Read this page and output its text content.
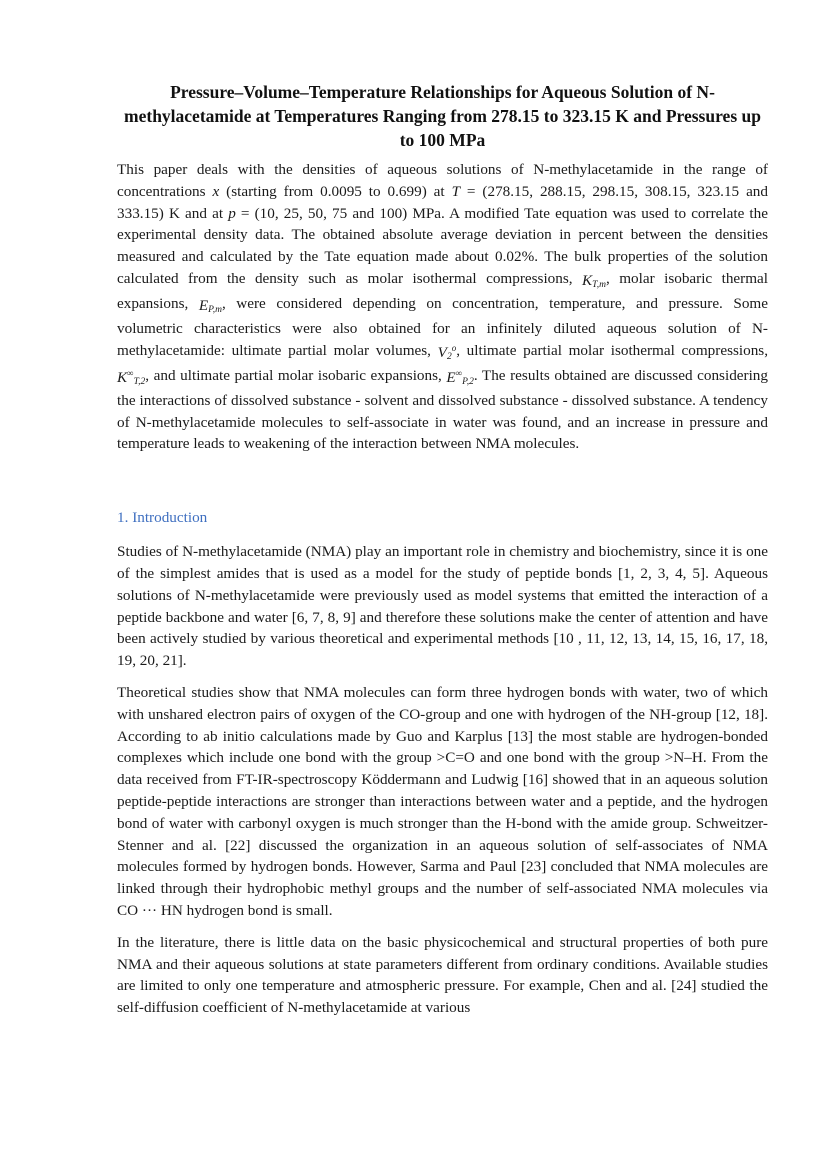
Pressure–Volume–Temperature Relationships for Aqueous Solution of N-methylacetamide at Temperatures Ranging from 278.15 to 323.15 K and Pressures up to 100 MPa

This paper deals with the densities of aqueous solutions of N-methylacetamide in the range of concentrations x (starting from 0.0095 to 0.699) at T = (278.15, 288.15, 298.15, 308.15, 323.15 and 333.15) K and at p = (10, 25, 50, 75 and 100) MPa. A modified Tate equation was used to correlate the experimental density data. The obtained absolute average deviation in percent between the densities measured and calculated by the Tate equation made about 0.02%. The bulk properties of the solution calculated from the density such as molar isothermal compressions, $K_{T,m}$, molar isobaric thermal expansions, $E_{P,m}$, were considered depending on concentration, temperature, and pressure. Some volumetric characteristics were also obtained for an infinitely diluted aqueous solution of N-methylacetamide: ultimate partial molar volumes, $V_2^o$, ultimate partial molar isothermal compressions, $K^\infty_{T,2}$, and ultimate partial molar isobaric expansions, $E^\infty_{P,2}$. The results obtained are discussed considering the interactions of dissolved substance - solvent and dissolved substance - dissolved substance. A tendency of N-methylacetamide molecules to self-associate in water was found, and an increase in pressure and temperature leads to weakening of the interaction between NMA molecules.

1. Introduction

Studies of N-methylacetamide (NMA) play an important role in chemistry and biochemistry, since it is one of the simplest amides that is used as a model for the study of peptide bonds [1, 2, 3, 4, 5]. Aqueous solutions of N-methylacetamide were previously used as model systems that emitted the interaction of a peptide backbone and water [6, 7, 8, 9] and therefore these solutions make the center of attention and have been actively studied by various theoretical and experimental methods [10 , 11, 12, 13, 14, 15, 16, 17, 18, 19, 20, 21].

Theoretical studies show that NMA molecules can form three hydrogen bonds with water, two of which with unshared electron pairs of oxygen of the CO-group and one with hydrogen of the NH-group [12, 18]. According to ab initio calculations made by Guo and Karplus [13] the most stable are hydrogen-bonded complexes which include one bond with the group >C=O and one bond with the group >N–H. From the data received from FT-IR-spectroscopy Köddermann and Ludwig [16] showed that in an aqueous solution peptide-peptide interactions are stronger than interactions between water and a peptide, and the hydrogen bond of water with carbonyl oxygen is much stronger than the H-bond with the amide group. Schweitzer-Stenner and al. [22] discussed the organization in an aqueous solution of self-associates of NMA molecules formed by hydrogen bonds. However, Sarma and Paul [23] concluded that NMA molecules are linked through their hydrophobic methyl groups and the number of self-associated NMA molecules via CO ··· HN hydrogen bond is small.

In the literature, there is little data on the basic physicochemical and structural properties of both pure NMA and their aqueous solutions at state parameters different from ordinary conditions. Available studies are limited to only one temperature and atmospheric pressure. For example, Chen and al. [24] studied the self-diffusion coefficient of N-methylacetamide at various
